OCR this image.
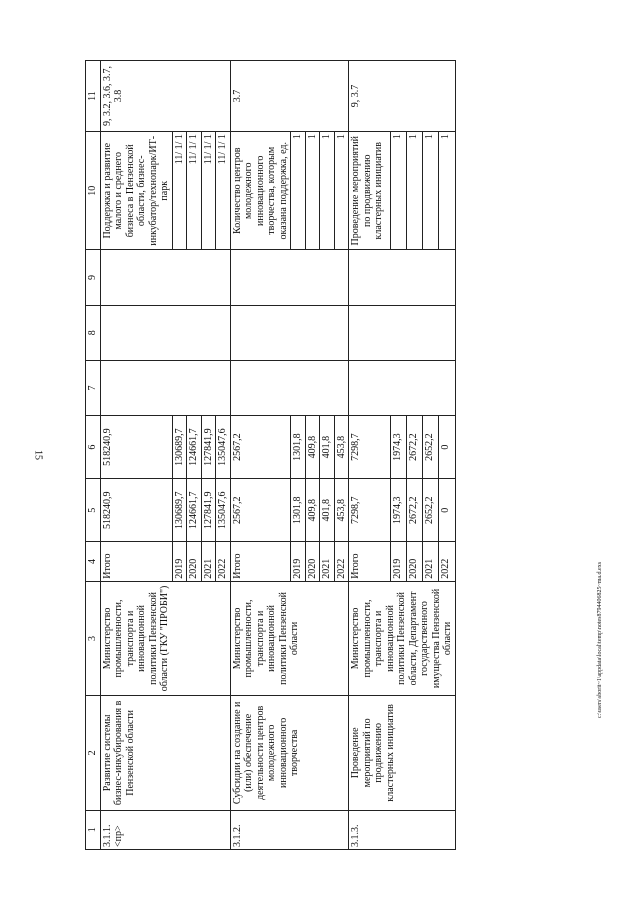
15
c:\users\sborit~1\appdata\local\temp\notes8794406825~ma.d.exs
1	2	3	4	5	6	7	8	9	10	11
3.1.1. <пр>	Развитие системы бизнес-инкубирования в Пензенской области	Министерство промышленности, транспорта и инновационной политики Пензенской области (ГКУ "ПРОБИ")	Итого	518240,9	518240,9				Поддержка и развитие малого и среднего бизнеса в Пензенской области, бизнес-инкубатор/технопарк/ИТ-парк	9, 3.2, 3.6, 3.7, 3.8
			2019	130689,7	130689,7				11/ 1/ 1	
			2020	124661,7	124661,7				11/ 1/ 1	
			2021	127841,9	127841,9				11/ 1/ 1	
			2022	135047,6	135047,6				11/ 1/ 1	
3.1.2.	Субсидии на создание и (или) обеспечение деятельности центров молодежного инновационного творчества	Министерство промышленности, транспорта и инновационной политики Пензенской области	Итого	2567,2	2567,2				Количество центров молодежного инновационного творчества, которым оказана поддержка, ед.	3.7
			2019	1301,8	1301,8				1	
			2020	409,8	409,8				1	
			2021	401,8	401,8				1	
			2022	453,8	453,8				1	
3.1.3.	Проведение мероприятий по продвижению кластерных инициатив	Министерство промышленности, транспорта и инновационной политики Пензенской области, Департамент государственного имущества Пензенской области	Итого	7298,7	7298,7				Проведение мероприятий по продвижению кластерных инициатив	9, 3.7
			2019	1974,3	1974,3				1	
			2020	2672,2	2672,2				1	
			2021	2652,2	2652,2				1	
			2022	0	0				1	
